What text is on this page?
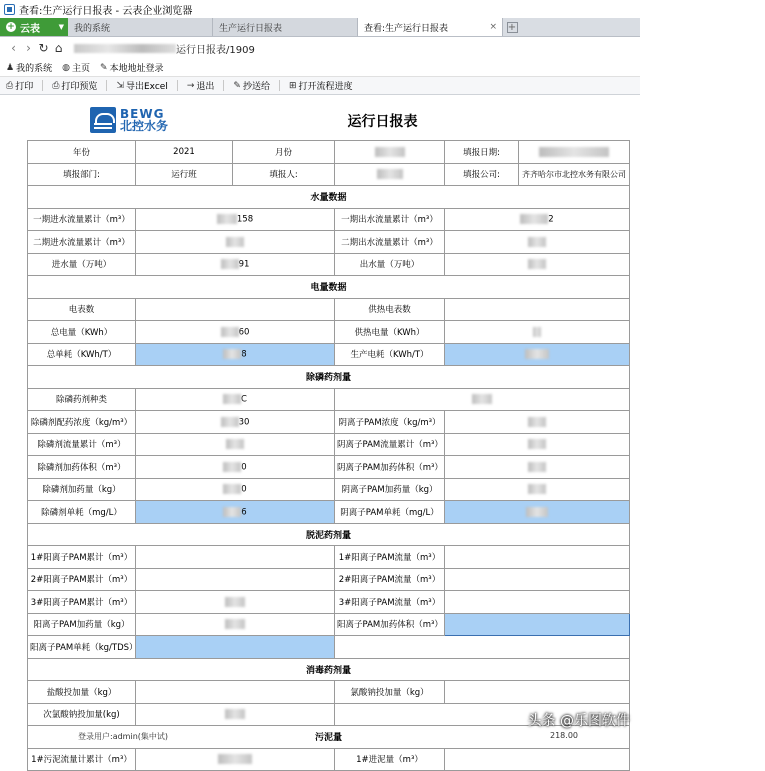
查看:生产运行日报表 - 云表企业浏览器
+ 云表	▼ 我的系统	生产运行日报表	查看:生产运行日报表	× +
‹ › ↻ ⌂	运行日报表/1909
♟ 我的系统 ◍ 主页 ✎ 本地地址登录
⎙ 打印 ⎙ 打印预览 ⇲ 导出Excel → 退出 ✎ 抄送给 ⊞ 打开流程进度
BEWG
北控水务	运行日报表
年份	2021	月份		填报日期:	
填报部门:	运行班	填报人:		填报公司:	齐齐哈尔市北控水务有限公司
水量数据					
一期进水流量累计（m³）	158		一期出水流量累计（m³）	2	
二期进水流量累计（m³）			二期出水流量累计（m³）		
进水量（万吨）	91		出水量（万吨）		
电量数据					
电表数			供热电表数		
总电量（KWh）	60		供热电量（KWh）		
总单耗（KWh/T）	8		生产电耗（KWh/T）		
除磷药剂量					
除磷药剂种类	C				
除磷剂配药浓度（kg/m³）	30		阴离子PAM浓度（kg/m³）		
除磷剂流量累计（m³）			阴离子PAM流量累计（m³）		
除磷剂加药体积（m³）	0		阴离子PAM加药体积（m³）		
除磷剂加药量（kg）	0		阴离子PAM加药量（kg）		
除磷剂单耗（mg/L）	6		阴离子PAM单耗（mg/L）		
脱泥药剂量					
1#阳离子PAM累计（m³）			1#阳离子PAM流量（m³）		
2#阳离子PAM累计（m³）			2#阳离子PAM流量（m³）		
3#阳离子PAM累计（m³）			3#阳离子PAM流量（m³）		
阳离子PAM加药量（kg）			阳离子PAM加药体积（m³）		
阳离子PAM单耗（kg/TDS）					
消毒药剂量					
盐酸投加量（kg）			氯酸钠投加量（kg）		
次氯酸钠投加量(kg)					
污泥量					
1#污泥流量计累计（m³）			1#进泥量（m³）		
登录用户:admin(集中试)	218.00
头条 @乐图软件
